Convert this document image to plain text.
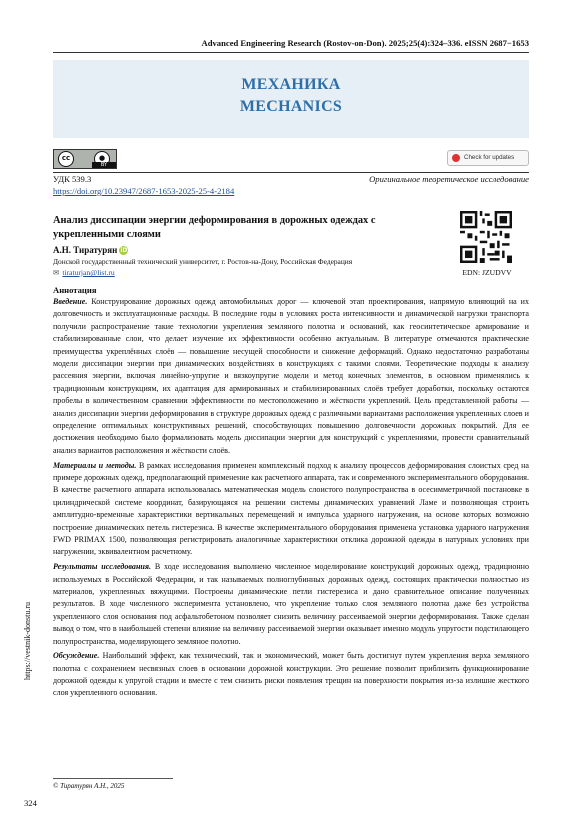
Advanced Engineering Research (Rostov-on-Don). 2025;25(4):324–336. eISSN 2687−1653
МЕХАНИКА
MECHANICS
cc	●
BY
Check for updates
УДК 539.3
https://doi.org/10.23947/2687-1653-2025-25-4-2184
Оригинальное теоретическое исследование
Анализ диссипации энергии деформирования в дорожных одеждах с укрепленными слоями
EDN: JZUDVV
А.Н. Тиратурян iD
Донской государственный технический университет, г. Ростов-на-Дону, Российская Федерация
✉ tiraturjan@list.ru
Аннотация

Введение. Конструирование дорожных одежд автомобильных дорог — ключевой этап проектирования, напрямую влияющий на их долговечность и эксплуатационные расходы. В последние годы в условиях роста интенсивности и динамической нагрузки транспорта получили распространение такие технологии укрепления земляного полотна и оснований, как геосинтетическое армирование и стабилизированные слои, что делает изучение их эффективности особенно актуальным. В литературе отмечаются практические преимущества укреплённых слоёв — повышение несущей способности и снижение деформаций. Однако недостаточно разработаны модели диссипации энергии при динамических воздействиях в конструкциях с такими слоями. Теоретические подходы к анализу рассеяния энергии, включая линейно-упругие и вязкоупругие модели и метод конечных элементов, в основном применялись к традиционным конструкциям, их адаптация для армированных и стабилизированных слоёв требует доработки, поскольку остаются пробелы в количественном сравнении эффективности по местоположению и жёсткости укреплений. Цель представленной работы — анализ диссипации энергии деформирования в структуре дорожных одежд с различными вариантами расположения укрепленных слоев и определение оптимальных конструктивных решений, способствующих повышению долговечности дорожных покрытий. Для ее достижения необходимо было формализовать модель диссипации энергии для конструкций с укреплениями, провести сравнительный анализ вариантов расположения и жёсткости слоёв.

Материалы и методы. В рамках исследования применен комплексный подход к анализу процессов деформирования слоистых сред на примере дорожных одежд, предполагающий применение как расчетного аппарата, так и современного экспериментального оборудования. В качестве расчетного аппарата использовалась математическая модель слоистого полупространства в осесимметричной постановке в цилиндрической системе координат, базирующаяся на решении системы динамических уравнений Ламе и позволяющая строить амплитудно-временные характеристики вертикальных перемещений и импульса ударного нагружения, на основе которых возможно построение динамических петель гистерезиса. В качестве экспериментального оборудования применена установка ударного нагружения FWD PRIMAX 1500, позволяющая регистрировать аналогичные характеристики отклика дорожной одежды в натурных условиях при нагружении, эквивалентном расчетному.

Результаты исследования. В ходе исследования выполнено численное моделирование конструкций дорожных одежд, традиционно используемых в Российской Федерации, и так называемых полноглубинных дорожных одежд, состоящих практически полностью из материалов, укрепленных вяжущими. Построены динамические петли гистерезиса и дано сравнительное описание полученных результатов. В ходе численного эксперимента установлено, что укрепление только слоя земляного полотна даже без устройства укрепленного слоя основания под асфальтобетоном позволяет снизить величину рассеиваемой энергии деформирования. Также сделан вывод о том, что в наибольшей степени влияние на величину рассеиваемой энергии оказывает именно модуль упругости подстилающего полупространства, моделирующего земляное полотно.

Обсуждение. Наибольший эффект, как технический, так и экономический, может быть достигнут путем укрепления верха земляного полотна с сохранением несвязных слоев в основании дорожной конструкции. Это решение позволит приблизить функционирование дорожной одежды к упругой стадии и вместе с тем снизить риски появления трещин на поверхности покрытия из-за излишне жесткого слоя укрепленного основания.

https://vestnik-donstu.ru
© Тиратурян А.Н., 2025
324
